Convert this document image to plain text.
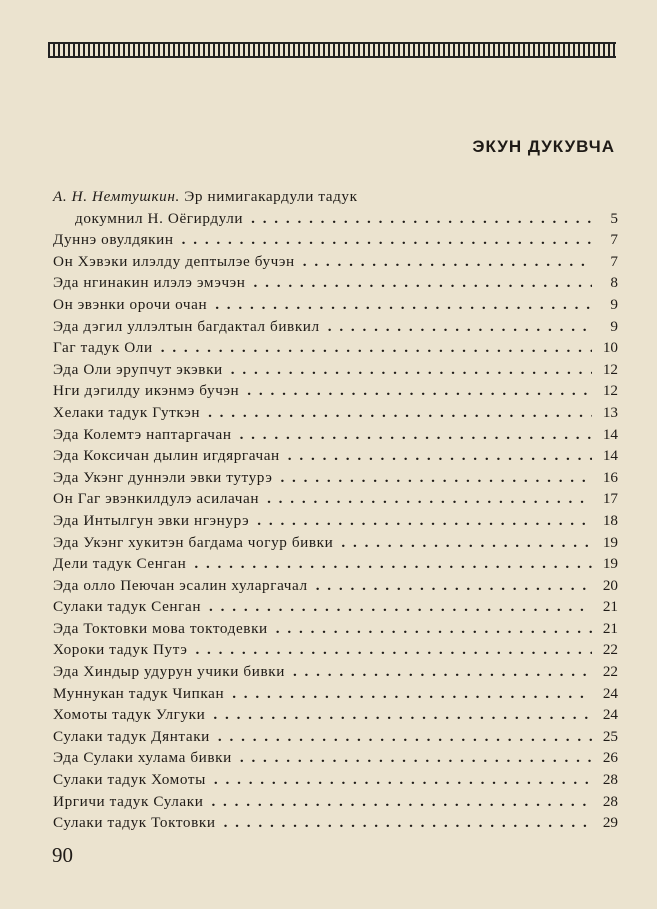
ЭКУН ДУКУВЧА
А. Н. Немтушкин. Эр нимигакардули тадук
докумнил Н. Оёгирдули . . .	5
Дуннэ овулдякин . . .	7
Он Хэвэки илэлду дептылэе бучэн . . .	7
Эда нгинакин илэлэ эмэчэн . . .	8
Он эвэнки орочи очан . . .	9
Эда дэгил уллэлтын багдактал бивкил . . .	9
Гаг тадук Оли . . .	10
Эда Оли эрупчут экэвки . . .	12
Нги дэгилду икэнмэ бучэн . . .	12
Хелаки тадук Гуткэн . . .	13
Эда Колемтэ наптаргачан . . .	14
Эда Коксичан дылин игдяргачан . . .	14
Эда Укэнг дуннэли эвки тутурэ . . .	16
Он Гаг эвэнкилдулэ асилачан . . .	17
Эда Интылгун эвки нгэнурэ . . .	18
Эда Укэнг хукитэн багдама чогур бивки . . .	19
Дели тадук Сенган . . .	19
Эда олло Пеючан эсалин хуларгачал . . .	20
Сулаки тадук Сенган . . .	21
Эда Токтовки мова токтодевки . . .	21
Хороки тадук Путэ . . .	22
Эда Хиндыр удурун учики бивки . . .	22
Муннукан тадук Чипкан . . .	24
Хомоты тадук Улгуки . . .	24
Сулаки тадук Дянтаки . . .	25
Эда Сулаки хулама бивки . . .	26
Сулаки тадук Хомоты . . .	28
Иргичи тадук Сулаки . . .	28
Сулаки тадук Токтовки . . .	29
90
